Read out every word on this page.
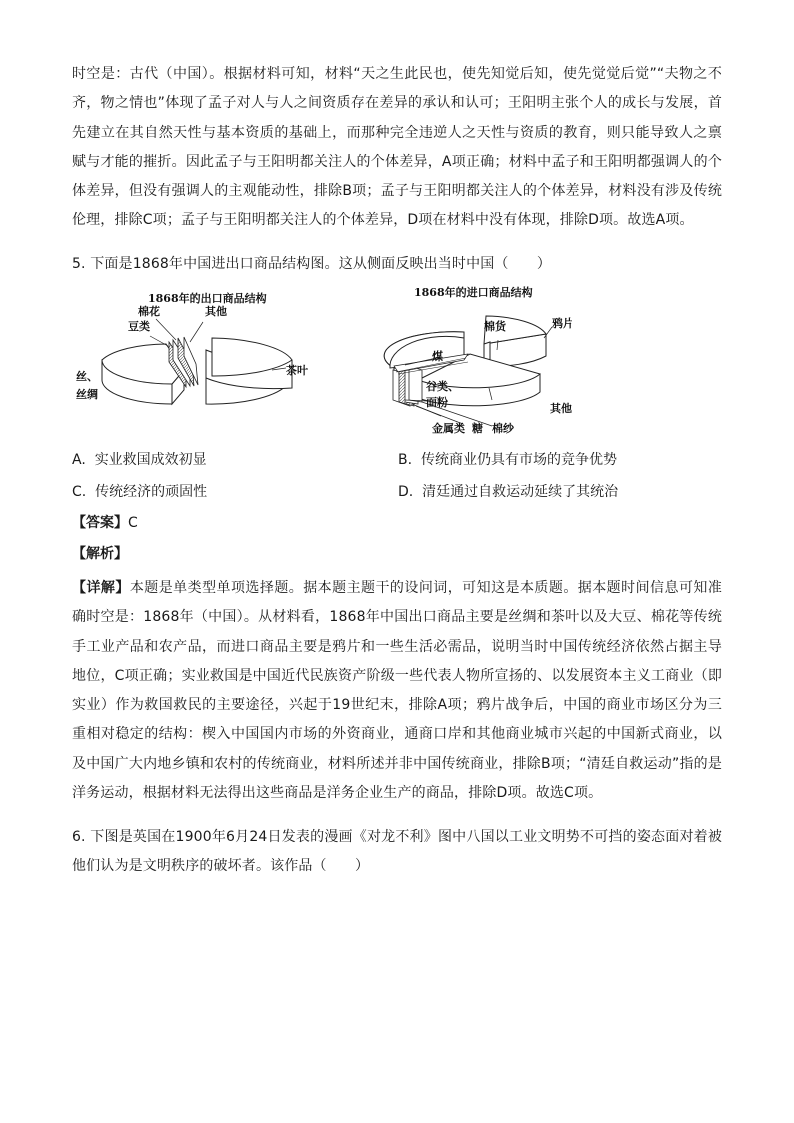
时空是：古代（中国）。根据材料可知，材料“天之生此民也，使先知觉后知，使先觉觉后觉”“夫物之不齐，物之情也”体现了孟子对人与人之间资质存在差异的承认和认可；王阳明主张个人的成长与发展，首先建立在其自然天性与基本资质的基础上，而那种完全违逆人之天性与资质的教育，则只能导致人之禀赋与才能的摧折。因此孟子与王阳明都关注人的个体差异，A项正确；材料中孟子和王阳明都强调人的个体差异，但没有强调人的主观能动性，排除B项；孟子与王阳明都关注人的个体差异，材料没有涉及传统伦理，排除C项；孟子与王阳明都关注人的个体差异，D项在材料中没有体现，排除D项。故选A项。

5. 下面是1868年中国进出口商品结构图。这从侧面反映出当时中国（　　）

1868年的出口商品结构
豆类
棉花	其他
茶叶
丝、
丝绸
1868年的进口商品结构
棉货	鸦片
煤
谷类、
面粉
金属类 糖 棉纱
其他
A. 实业救国成效初显	B. 传统商业仍具有市场的竞争优势
C. 传统经济的顽固性	D. 清廷通过自救运动延续了其统治
【答案】C
【解析】

【详解】本题是单类型单项选择题。据本题主题干的设问词，可知这是本质题。据本题时间信息可知准确时空是：1868年（中国）。从材料看，1868年中国出口商品主要是丝绸和茶叶以及大豆、棉花等传统手工业产品和农产品，而进口商品主要是鸦片和一些生活必需品，说明当时中国传统经济依然占据主导地位，C项正确；实业救国是中国近代民族资产阶级一些代表人物所宣扬的、以发展资本主义工商业（即实业）作为救国救民的主要途径，兴起于19世纪末，排除A项；鸦片战争后，中国的商业市场区分为三重相对稳定的结构：楔入中国国内市场的外资商业，通商口岸和其他商业城市兴起的中国新式商业，以及中国广大内地乡镇和农村的传统商业，材料所述并非中国传统商业，排除B项；“清廷自救运动”指的是洋务运动，根据材料无法得出这些商品是洋务企业生产的商品，排除D项。故选C项。

6. 下图是英国在1900年6月24日发表的漫画《对龙不利》图中八国以工业文明势不可挡的姿态面对着被他们认为是文明秩序的破坏者。该作品（　　）
